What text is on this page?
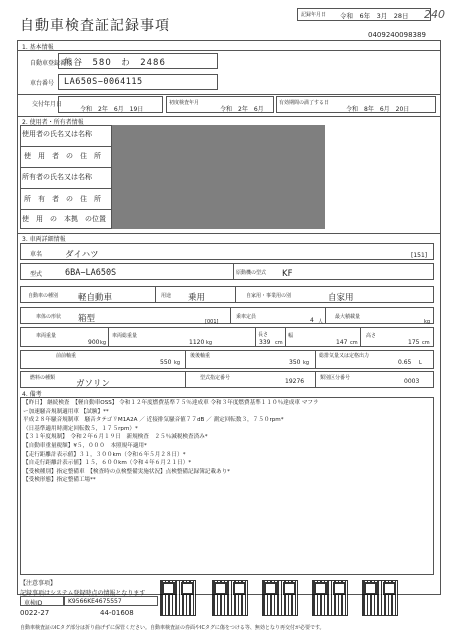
自動車検査証記録事項
記録年月日 令和　6年　3月　28日 240
0409240098389
1. 基本情報
自動車登録番号
熊谷　580　わ　2486
車台番号 LA650S−0064115
交付年月日
令和　2年　6月　19日
初度検査年月
令和　2年　6月
有効期間の満了する日
令和　8年　6月　20日
2. 使用者・所有者情報
使用者の氏名又は名称
使　用　者　の　住　所
所有者の氏名又は名称
所　有　者　の　住　所
使　用　の　本拠　の位置
3. 車両詳細情報
車名	ダイハツ	[151]
型式	6BA−LA650S	原動機の型式 KF
自動車の種別 軽自動車	用途 乗用	自家用・事業用の別	自家用
車体の形状 箱型	[001]
乗車定員	4 人
最大積載量
kg
車両重量
900 kg
車両総重量
1120 kg
長さ
339 cm
幅
147 cm
高さ
175 cm
前前軸重
550 kg
後後軸重
350 kg
総排気量又は定格出力
0.65 L
燃料の種類
ガソリン
型式指定番号	19276	類別区分番号	0003
4. 備考
【昨日】 継続検査　【軽自動車OSS】 令和１２年度燃費基準７５％達成車 令和３年度燃費基準１１０％達成車 マフラ
ー加速騒音規制適用車 【試験】**
平成２８年騒音規制車　騒音タテゴリM1A2A ／ 近接排気騒音値７７dB ／ 測定回転数３，７５０rpm*
（日基準適用時測定回転数５，１７５rpm）*
【３１年度規制】　令和２年６月１９日　新規検査　２５％減税検査済み*
【自動車重量税額】¥５，０００　本照規年適用*
【走行距離計表示値】３１，３００km（令和６年５月２８日）*
【自走行距離計表示値】１５，６００km（令和４年６月２１日）*
【受検種別】指定整備車　【検査時の点検整備実施状況】点検整備記録簿記載あり*
【受検形態】指定整備工場**
【注意事項】
記録事項はシステム登録時点の情報となります
車検ID	K9566KE4675557
0022-27	44-01608
自動車検査証のICタグ部分は折り曲げずに保管ください。自動車検査証の券面やICタグに傷をつける等、無効となり再交付が必要です。
